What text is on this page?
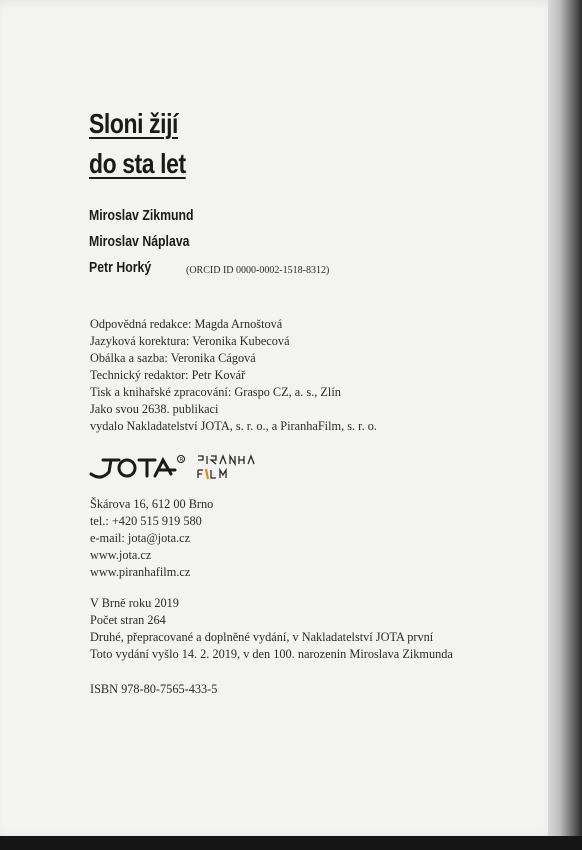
Sloni žijí
do sta let
Miroslav Zikmund
Miroslav Náplava
Petr Horký	(ORCID ID 0000-0002-1518-8312)
Odpovědná redakce: Magda Arnoštová
Jazyková korektura: Veronika Kubecová
Obálka a sazba: Veronika Cágová
Technický redaktor: Petr Kovář
Tisk a knihařské zpracování: Graspo CZ, a. s., Zlín
Jako svou 2638. publikaci
vydalo Nakladatelství JOTA, s. r. o., a PiranhaFilm, s. r. o.
R
Škárova 16, 612 00 Brno
tel.: +420 515 919 580
e-mail: jota@jota.cz
www.jota.cz
www.piranhafilm.cz
V Brně roku 2019
Počet stran 264
Druhé, přepracované a doplněné vydání, v Nakladatelství JOTA první
Toto vydání vyšlo 14. 2. 2019, v den 100. narozenin Miroslava Zikmunda
ISBN 978-80-7565-433-5
